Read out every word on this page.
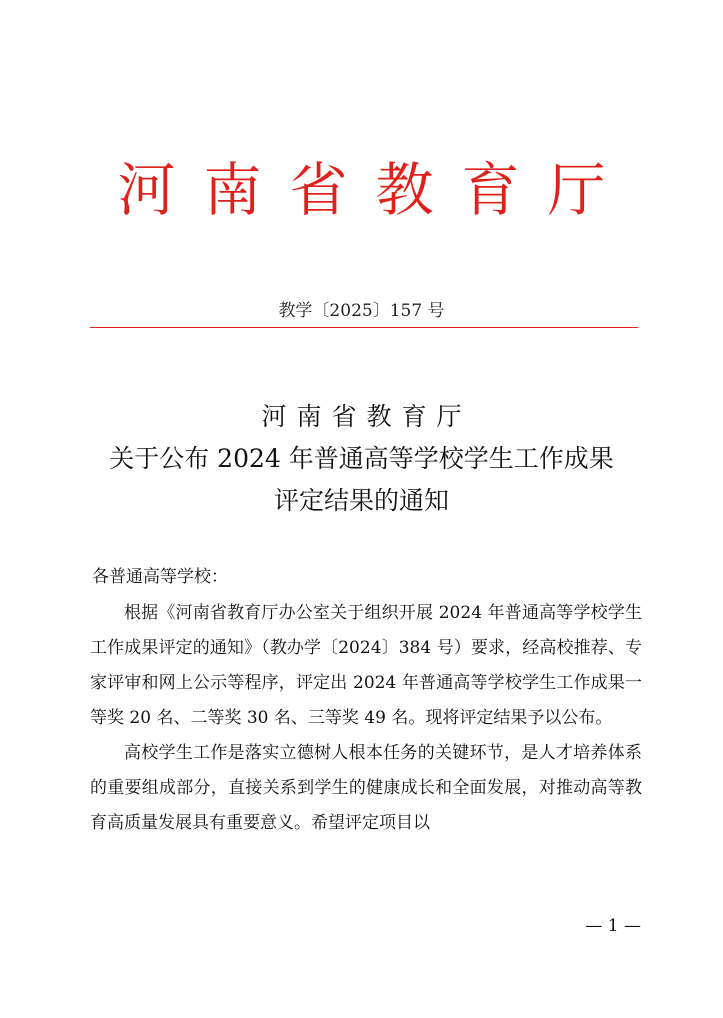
河南省教育厅
教学〔2025〕157 号
河南省教育厅
关于公布 2024 年普通高等学校学生工作成果
评定结果的通知
各普通高等学校：

根据《河南省教育厅办公室关于组织开展 2024 年普通高等学校学生工作成果评定的通知》（教办学〔2024〕384 号）要求，经高校推荐、专家评审和网上公示等程序，评定出 2024 年普通高等学校学生工作成果一等奖 20 名、二等奖 30 名、三等奖 49 名。现将评定结果予以公布。

高校学生工作是落实立德树人根本任务的关键环节，是人才培养体系的重要组成部分，直接关系到学生的健康成长和全面发展，对推动高等教育高质量发展具有重要意义。希望评定项目以

— 1 —
